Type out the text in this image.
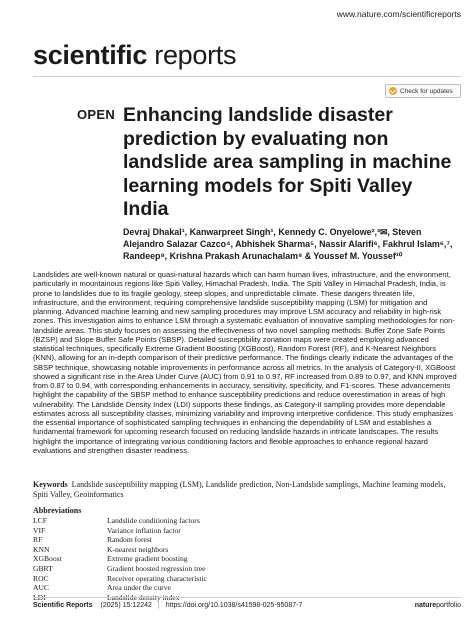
www.nature.com/scientificreports
scientific reports
Check for updates
OPEN Enhancing landslide disaster prediction by evaluating non landslide area sampling in machine learning models for Spiti Valley India
Devraj Dhakal¹, Kanwarpreet Singh¹, Kennedy C. Onyelowe²,³✉, Steven Alejandro Salazar Cazco⁴, Abhishek Sharma⁵, Nassir Alarifi⁶, Fakhrul Islam⁶,⁷, Randeep⁸, Krishna Prakash Arunachalam⁹ & Youssef M. Youssef¹⁰
Landslides are well-known natural or quasi-natural hazards which can harm human lives, infrastructure, and the environment, particularly in mountainous regions like Spiti Valley, Himachal Pradesh, India. The Spiti Valley in Himachal Pradesh, India, is prone to landslides due to its fragile geology, steep slopes, and unpredictable climate. These dangers threaten life, infrastructure, and the environment, requiring comprehensive landslide susceptibility mapping (LSM) for mitigation and planning. Advanced machine learning and new sampling procedures may improve LSM accuracy and reliability in high-risk zones. This investigation aims to enhance LSM through a systematic evaluation of innovative sampling methodologies for non-landslide areas. This study focuses on assessing the effectiveness of two novel sampling methods: Buffer Zone Safe Points (BZSP) and Slope Buffer Safe Points (SBSP). Detailed susceptibility zonation maps were created employing advanced statistical techniques, specifically Extreme Gradient Boosting (XGBoost), Random Forest (RF), and K-Nearest Neighbors (KNN), allowing for an in-depth comparison of their predictive performance. The findings clearly indicate the advantages of the SBSP technique, showcasing notable improvements in performance across all metrics. In the analysis of Category-II, XGBoost showed a significant rise in the Area Under Curve (AUC) from 0.91 to 0.97, RF increased from 0.89 to 0.97, and KNN improved from 0.87 to 0.94, with corresponding enhancements in accuracy, sensitivity, specificity, and F1-scores. These advancements highlight the capability of the SBSP method to enhance susceptibility predictions and reduce overestimation in areas of high vulnerability. The Landslide Density Index (LDI) supports these findings, as Category-II sampling provides more dependable estimates across all susceptibility classes, minimizing variability and improving interpretive confidence. This study emphasizes the essential importance of sophisticated sampling techniques in enhancing the dependability of LSM and establishes a fundamental framework for upcoming research focused on reducing landslide hazards in intricate landscapes. The results highlight the importance of integrating various conditioning factors and flexible approaches to enhance regional hazard evaluations and strengthen disaster readiness.
Keywords Landslide susceptibility mapping (LSM), Landslide prediction, Non-Landslide samplings, Machine learning models, Spiti Valley, Geoinformatics
Abbreviations
LCF	Landslide conditioning factors
VIF	Variance inflation factor
RF	Random forest
KNN	K-nearest neighbors
XGBoost	Extreme gradient boosting
GBRT	Gradient boosted regression tree
ROC	Receiver operating characteristic
AUC	Area under the curve
Scientific Reports (2025) 15:12242 | https://doi.org/10.1038/s41598-025-95087-7	natureportfolio
